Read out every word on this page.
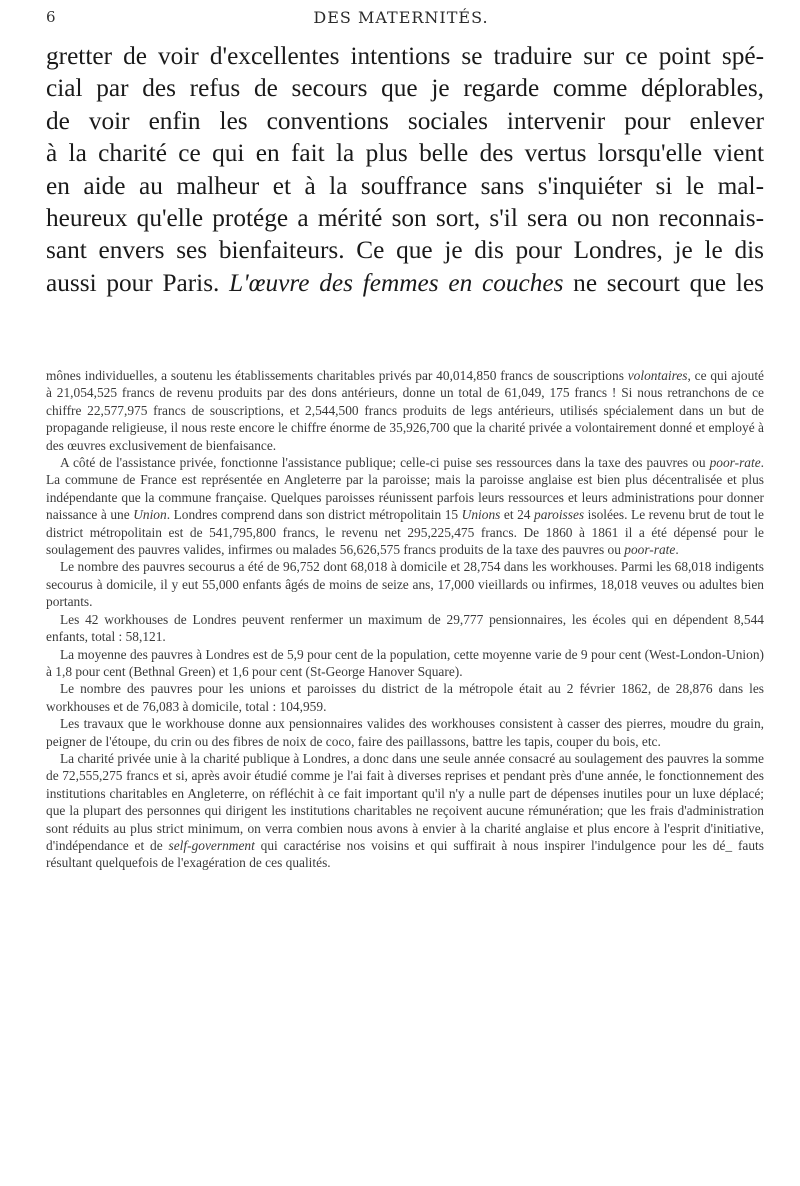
6	DES MATERNITÉS.
gretter de voir d'excellentes intentions se traduire sur ce point spé-
cial par des refus de secours que je regarde comme déplorables,
de voir enfin les conventions sociales intervenir pour enlever
à la charité ce qui en fait la plus belle des vertus lorsqu'elle vient
en aide au malheur et à la souffrance sans s'inquiéter si le mal-
heureux qu'elle protége a mérité son sort, s'il sera ou non reconnais-
sant envers ses bienfaiteurs. Ce que je dis pour Londres, je le dis
aussi pour Paris. L'œuvre des femmes en couches ne secourt que les

mônes individuelles, a soutenu les établissements charitables privés par 40,014,850 francs de souscriptions volontaires, ce qui ajouté à 21,054,525 francs de revenu produits par des dons antérieurs, donne un total de 61,049, 175 francs ! Si nous retranchons de ce chiffre 22,577,975 francs de souscriptions, et 2,544,500 francs produits de legs antérieurs, utilisés spécialement dans un but de propagande religieuse, il nous reste encore le chiffre énorme de 35,926,700 que la charité privée a volontairement donné et employé à des œuvres exclusivement de bienfaisance.

A côté de l'assistance privée, fonctionne l'assistance publique; celle-ci puise ses ressources dans la taxe des pauvres ou poor-rate. La commune de France est représentée en Angleterre par la paroisse; mais la paroisse anglaise est bien plus décentralisée et plus indépendante que la commune française. Quelques paroisses réunissent parfois leurs ressources et leurs administrations pour donner naissance à une Union. Londres comprend dans son district métropolitain 15 Unions et 24 paroisses isolées. Le revenu brut de tout le district métropolitain est de 541,795,800 francs, le revenu net 295,225,475 francs. De 1860 à 1861 il a été dépensé pour le soulagement des pauvres valides, infirmes ou malades 56,626,575 francs produits de la taxe des pauvres ou poor-rate.

Le nombre des pauvres secourus a été de 96,752 dont 68,018 à domicile et 28,754 dans les workhouses. Parmi les 68,018 indigents secourus à domicile, il y eut 55,000 enfants âgés de moins de seize ans, 17,000 vieillards ou infirmes, 18,018 veuves ou adultes bien portants.

Les 42 workhouses de Londres peuvent renfermer un maximum de 29,777 pensionnaires, les écoles qui en dépendent 8,544 enfants, total : 58,121.

La moyenne des pauvres à Londres est de 5,9 pour cent de la population, cette moyenne varie de 9 pour cent (West-London-Union) à 1,8 pour cent (Bethnal Green) et 1,6 pour cent (St-George Hanover Square).

Le nombre des pauvres pour les unions et paroisses du district de la métropole était au 2 février 1862, de 28,876 dans les workhouses et de 76,083 à domicile, total : 104,959.

Les travaux que le workhouse donne aux pensionnaires valides des workhouses consistent à casser des pierres, moudre du grain, peigner de l'étoupe, du crin ou des fibres de noix de coco, faire des paillassons, battre les tapis, couper du bois, etc.

La charité privée unie à la charité publique à Londres, a donc dans une seule année consacré au soulagement des pauvres la somme de 72,555,275 francs et si, après avoir étudié comme je l'ai fait à diverses reprises et pendant près d'une année, le fonctionnement des institutions charitables en Angleterre, on réfléchit à ce fait important qu'il n'y a nulle part de dépenses inutiles pour un luxe déplacé; que la plupart des personnes qui dirigent les institutions charitables ne reçoivent aucune rémunération; que les frais d'administration sont réduits au plus strict minimum, on verra combien nous avons à envier à la charité anglaise et plus encore à l'esprit d'initiative, d'indépendance et de self-government qui caractérise nos voisins et qui suffirait à nous inspirer l'indulgence pour les dé_ fauts résultant quelquefois de l'exagération de ces qualités.
